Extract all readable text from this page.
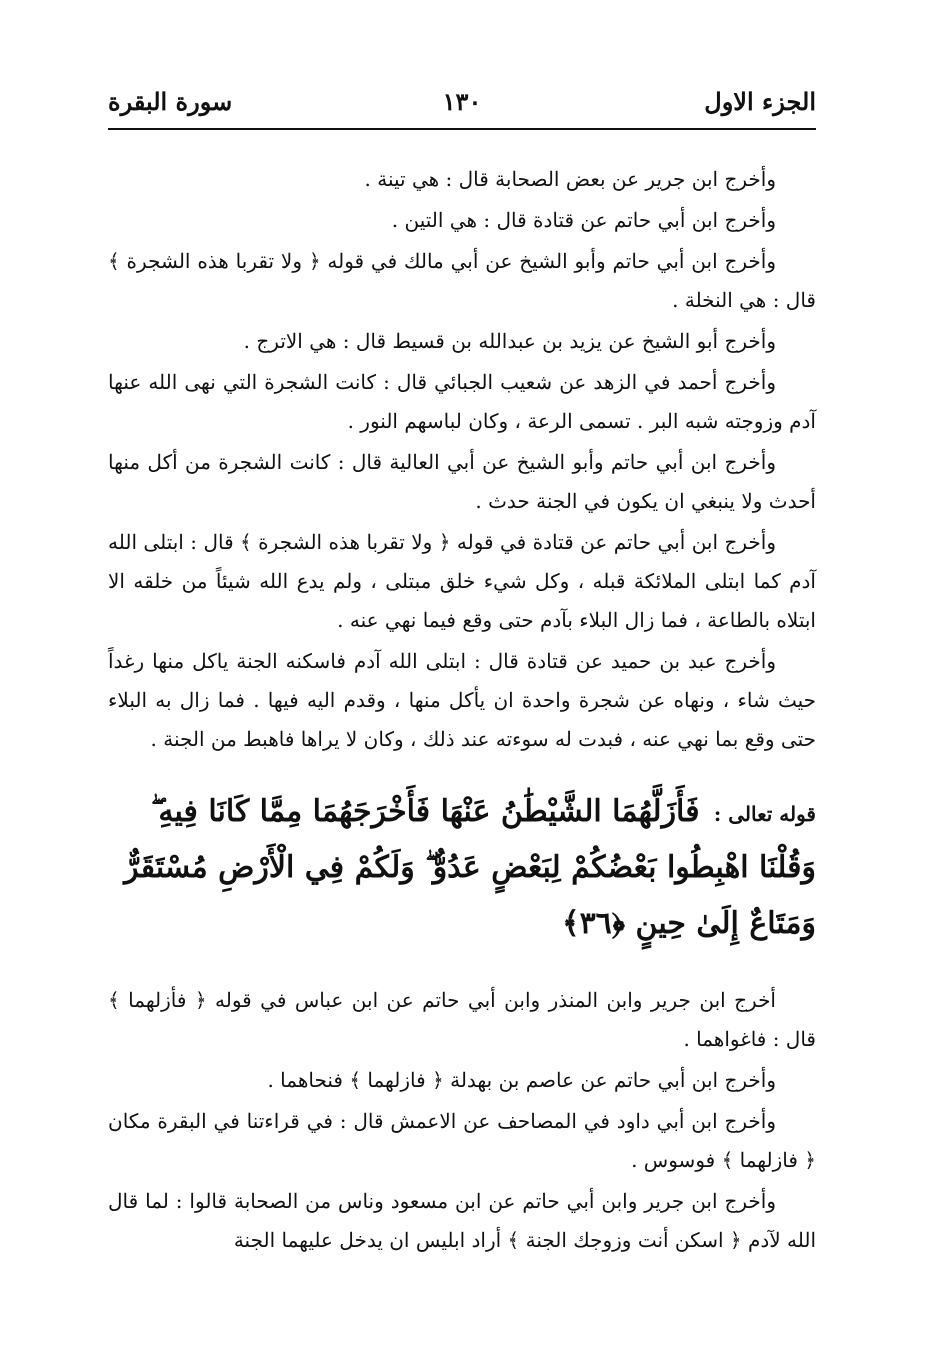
الجزء الاول
١٣٠
سورة البقرة

وأخرج ابن جرير عن بعض الصحابة قال : هي تينة .

وأخرج ابن أبي حاتم عن قتادة قال : هي التين .

وأخرج ابن أبي حاتم وأبو الشيخ عن أبي مالك في قوله ﴿ ولا تقربا هذه الشجرة ﴾ قال : هي النخلة .

وأخرج أبو الشيخ عن يزيد بن عبدالله بن قسيط قال : هي الاترج .

وأخرج أحمد في الزهد عن شعيب الجبائي قال : كانت الشجرة التي نهى الله عنها آدم وزوجته شبه البر . تسمى الرعة ، وكان لباسهم النور .

وأخرج ابن أبي حاتم وأبو الشيخ عن أبي العالية قال : كانت الشجرة من أكل منها أحدث ولا ينبغي ان يكون في الجنة حدث .

وأخرج ابن أبي حاتم عن قتادة في قوله ﴿ ولا تقربا هذه الشجرة ﴾ قال : ابتلى الله آدم كما ابتلى الملائكة قبله ، وكل شيء خلق مبتلى ، ولم يدع الله شيئاً من خلقه الا ابتلاه بالطاعة ، فما زال البلاء بآدم حتى وقع فيما نهي عنه .

وأخرج عبد بن حميد عن قتادة قال : ابتلى الله آدم فاسكنه الجنة ياكل منها رغداً حيث شاء ، ونهاه عن شجرة واحدة ان يأكل منها ، وقدم اليه فيها . فما زال به البلاء حتى وقع بما نهي عنه ، فبدت له سوءته عند ذلك ، وكان لا يراها فاهبط من الجنة .

قوله تعالى : فَأَزَلَّهُمَا الشَّيْطَٰنُ عَنْهَا فَأَخْرَجَهُمَا مِمَّا كَانَا فِيهِ ۖ وَقُلْنَا اهْبِطُوا بَعْضُكُمْ لِبَعْضٍ عَدُوٌّ ۖ وَلَكُمْ فِي الْأَرْضِ مُسْتَقَرٌّ وَمَتَاعٌ إِلَىٰ حِينٍ ﴿٣٦﴾

أخرج ابن جرير وابن المنذر وابن أبي حاتم عن ابن عباس في قوله ﴿ فأزلهما ﴾ قال : فاغواهما .

وأخرج ابن أبي حاتم عن عاصم بن بهدلة ﴿ فازلهما ﴾ فنحاهما .

وأخرج ابن أبي داود في المصاحف عن الاعمش قال : في قراءتنا في البقرة مكان ﴿ فازلهما ﴾ فوسوس .

وأخرج ابن جرير وابن أبي حاتم عن ابن مسعود وناس من الصحابة قالوا : لما قال الله لآدم ﴿ اسكن أنت وزوجك الجنة ﴾ أراد ابليس ان يدخل عليهما الجنة
